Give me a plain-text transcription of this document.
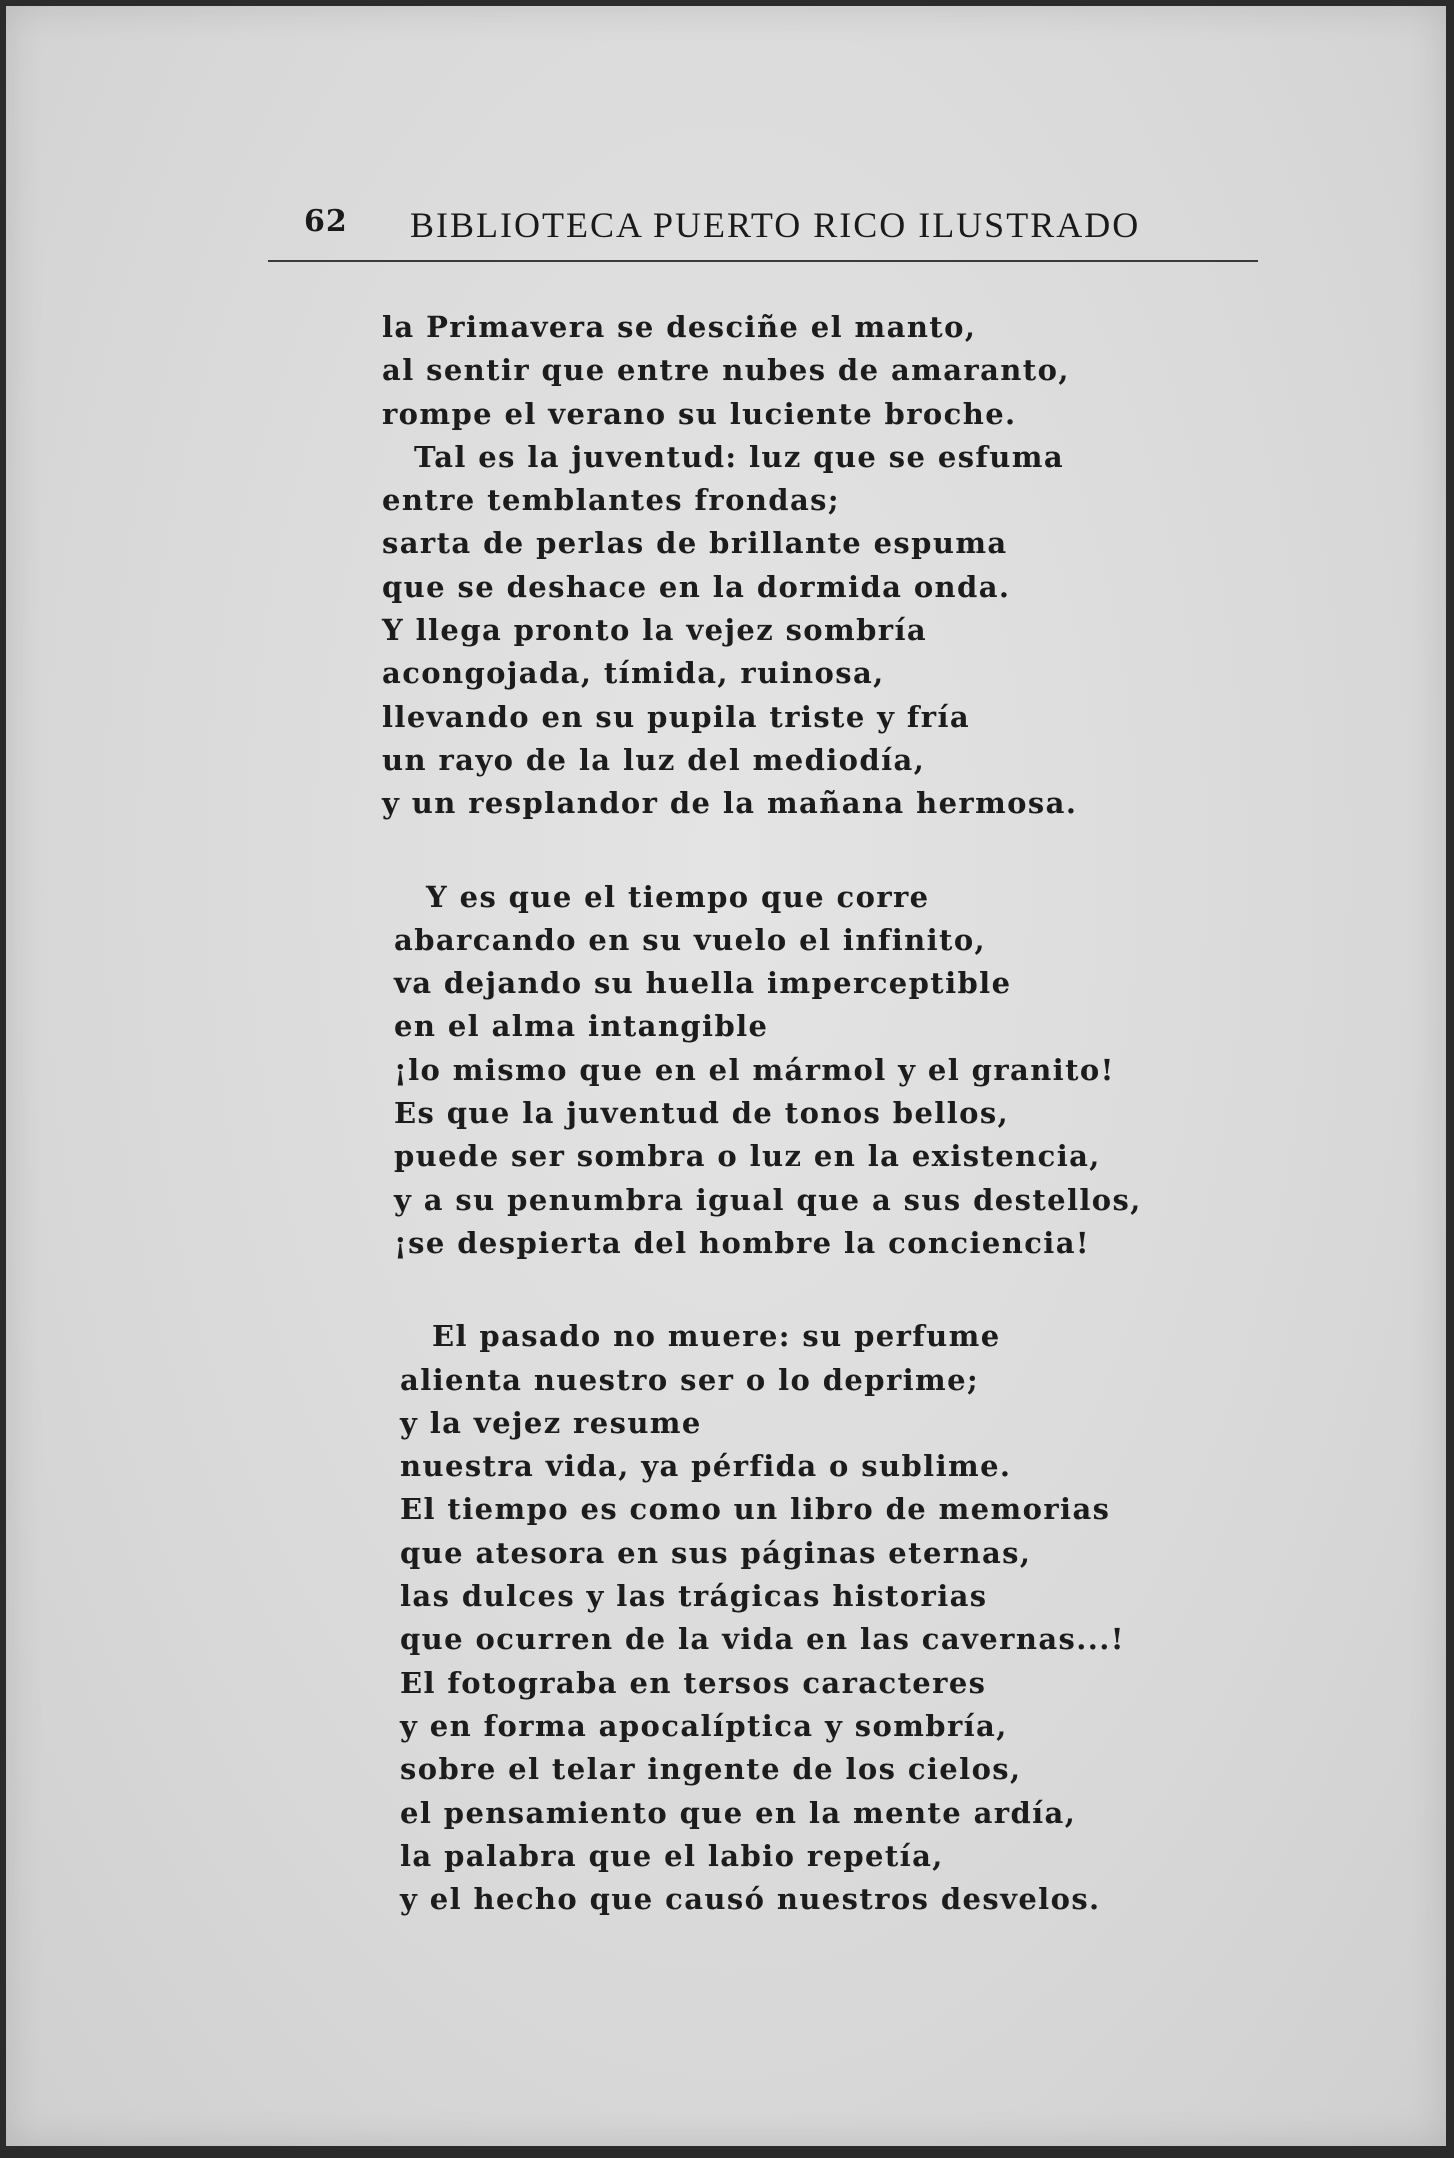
62 BIBLIOTECA PUERTO RICO ILUSTRADO
la Primavera se desciñe el manto,
al sentir que entre nubes de amaranto,
rompe el verano su luciente broche.
Tal es la juventud: luz que se esfuma
entre temblantes frondas;
sarta de perlas de brillante espuma
que se deshace en la dormida onda.
Y llega pronto la vejez sombría
acongojada, tímida, ruinosa,
llevando en su pupila triste y fría
un rayo de la luz del mediodía,
y un resplandor de la mañana hermosa.
Y es que el tiempo que corre
abarcando en su vuelo el infinito,
va dejando su huella imperceptible
en el alma intangible
¡lo mismo que en el mármol y el granito!
Es que la juventud de tonos bellos,
puede ser sombra o luz en la existencia,
y a su penumbra igual que a sus destellos,
¡se despierta del hombre la conciencia!
El pasado no muere: su perfume
alienta nuestro ser o lo deprime;
y la vejez resume
nuestra vida, ya pérfida o sublime.
El tiempo es como un libro de memorias
que atesora en sus páginas eternas,
las dulces y las trágicas historias
que ocurren de la vida en las cavernas...!
El fotograba en tersos caracteres
y en forma apocalíptica y sombría,
sobre el telar ingente de los cielos,
el pensamiento que en la mente ardía,
la palabra que el labio repetía,
y el hecho que causó nuestros desvelos.
